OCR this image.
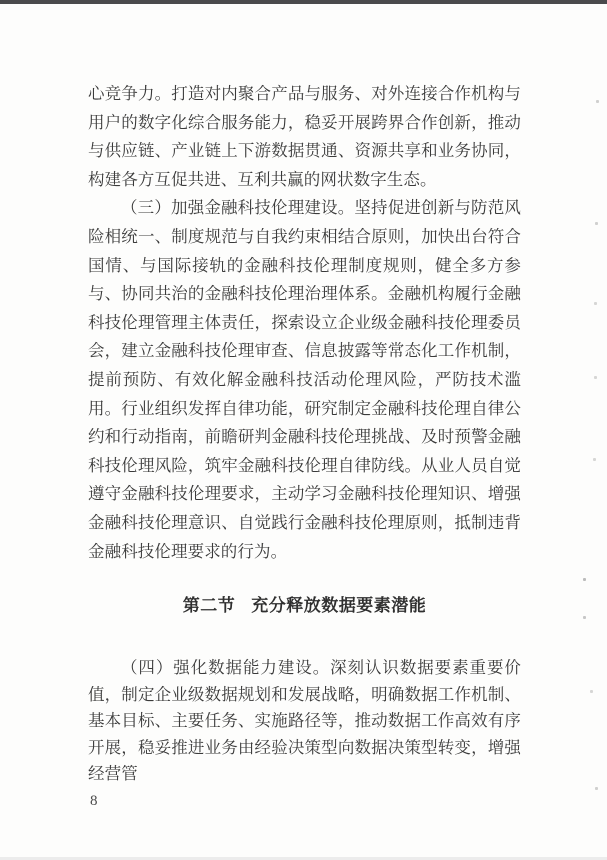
心竞争力。打造对内聚合产品与服务、对外连接合作机构与用户的数字化综合服务能力，稳妥开展跨界合作创新，推动与供应链、产业链上下游数据贯通、资源共享和业务协同，构建各方互促共进、互利共赢的网状数字生态。

（三）加强金融科技伦理建设。坚持促进创新与防范风险相统一、制度规范与自我约束相结合原则，加快出台符合国情、与国际接轨的金融科技伦理制度规则，健全多方参与、协同共治的金融科技伦理治理体系。金融机构履行金融科技伦理管理主体责任，探索设立企业级金融科技伦理委员会，建立金融科技伦理审查、信息披露等常态化工作机制，提前预防、有效化解金融科技活动伦理风险，严防技术滥用。行业组织发挥自律功能，研究制定金融科技伦理自律公约和行动指南，前瞻研判金融科技伦理挑战、及时预警金融科技伦理风险，筑牢金融科技伦理自律防线。从业人员自觉遵守金融科技伦理要求，主动学习金融科技伦理知识、增强金融科技伦理意识、自觉践行金融科技伦理原则，抵制违背金融科技伦理要求的行为。

第二节 充分释放数据要素潜能

（四）强化数据能力建设。深刻认识数据要素重要价值，制定企业级数据规划和发展战略，明确数据工作机制、基本目标、主要任务、实施路径等，推动数据工作高效有序开展，稳妥推进业务由经验决策型向数据决策型转变，增强经营管

8
